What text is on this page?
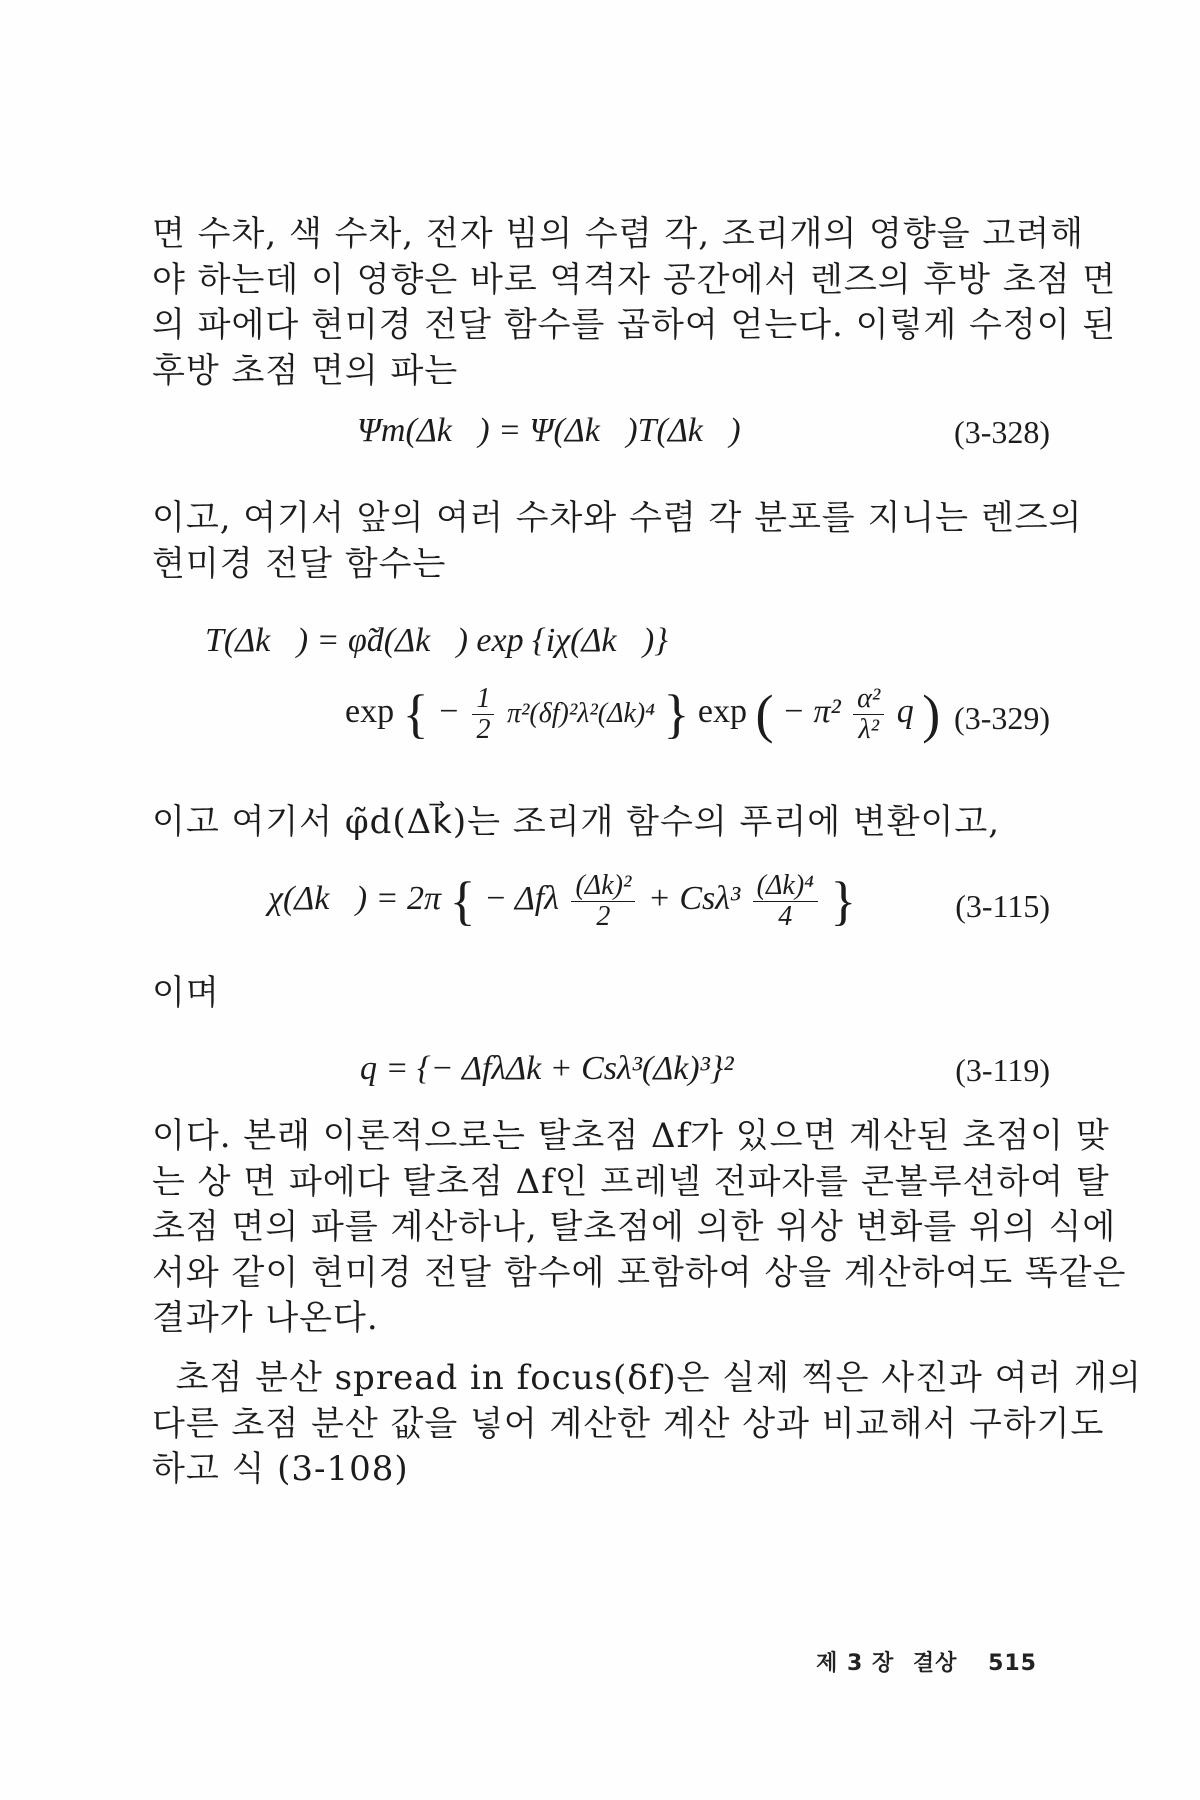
면 수차, 색 수차, 전자 빔의 수렴 각, 조리개의 영향을 고려해
야 하는데 이 영향은 바로 역격자 공간에서 렌즈의 후방 초점 면
의 파에다 현미경 전달 함수를 곱하여 얻는다. 이렇게 수정이 된
후방 초점 면의 파는
Ψm(Δk⃗) = Ψ(Δk⃗)T(Δk⃗)	(3-328)
이고, 여기서 앞의 여러 수차와 수렴 각 분포를 지니는 렌즈의
현미경 전달 함수는
T(Δk⃗) = φ̃d(Δk⃗) exp {iχ(Δk⃗)}
exp { − $\frac{1}{2} \pi^2(\delta f)^2\lambda^2(\Delta k)^4$ } exp ( − $\pi^2 \frac{\text{α²}}{\text{λ²}}$ q ) (3-329)
이고 여기서 φ̃d(Δk⃗)는 조리개 함수의 푸리에 변환이고,
χ(Δk⃗) = 2π { − Δfλ $\frac{\text{(Δk)²}}{2} + Cs\lambda^3 \frac{\text{(Δk)⁴}}{4}$ }	(3-115)
이며
q = {− ΔfλΔk + Csλ³(Δk)³}²	(3-119)
이다. 본래 이론적으로는 탈초점 Δf가 있으면 계산된 초점이 맞
는 상 면 파에다 탈초점 Δf인 프레넬 전파자를 콘볼루션하여 탈
초점 면의 파를 계산하나, 탈초점에 의한 위상 변화를 위의 식에
서와 같이 현미경 전달 함수에 포함하여 상을 계산하여도 똑같은
결과가 나온다.
초점 분산 spread in focus(δf)은 실제 찍은 사진과 여러 개의
다른 초점 분산 값을 넣어 계산한 계산 상과 비교해서 구하기도
하고 식 (3-108)
제 3 장 결상 515
